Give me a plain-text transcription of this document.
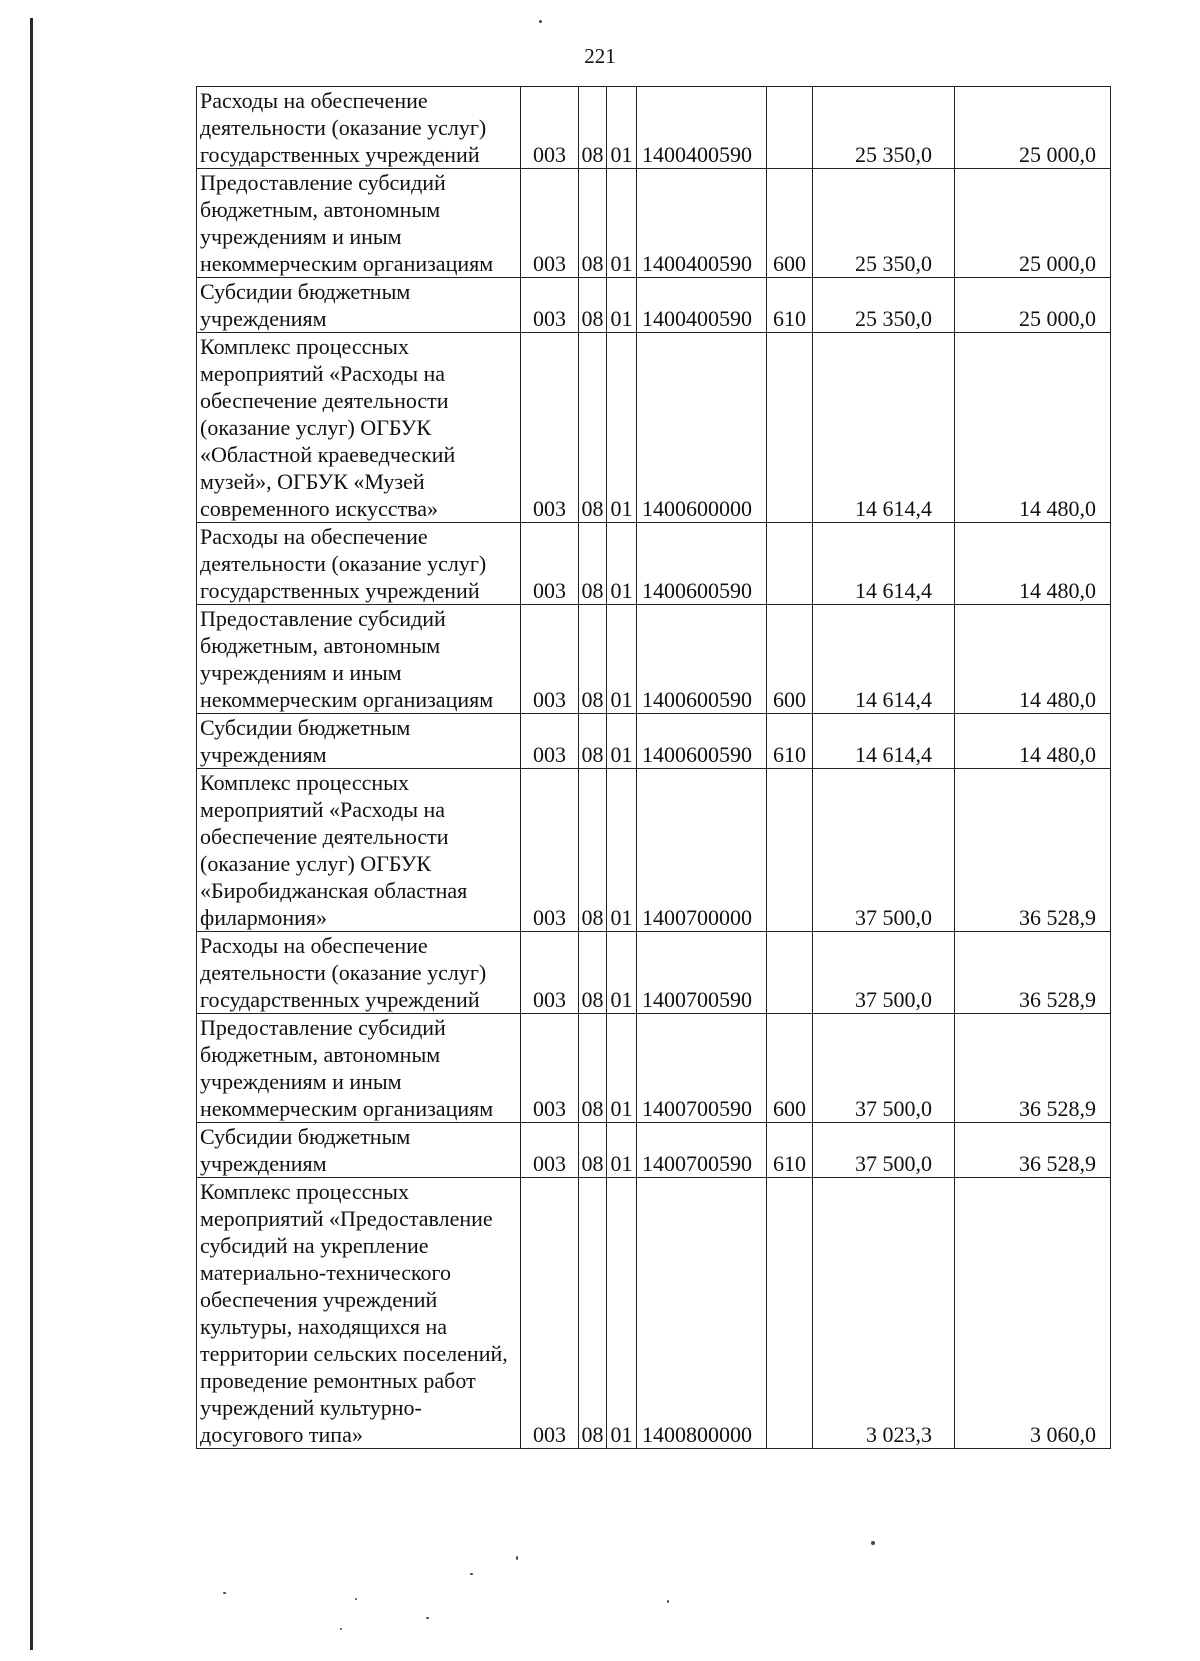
221
Расходы на обеспечение деятельности (оказание услуг) государственных учреждений	003	08	01	1400400590		25 350,0	25 000,0
Предоставление субсидий бюджетным, автономным учреждениям и иным некоммерческим организациям	003	08	01	1400400590	600	25 350,0	25 000,0
Субсидии бюджетным учреждениям	003	08	01	1400400590	610	25 350,0	25 000,0
Комплекс процессных мероприятий «Расходы на обеспечение деятельности (оказание услуг) ОГБУК «Областной краеведческий музей», ОГБУК «Музей современного искусства»	003	08	01	1400600000		14 614,4	14 480,0
Расходы на обеспечение деятельности (оказание услуг) государственных учреждений	003	08	01	1400600590		14 614,4	14 480,0
Предоставление субсидий бюджетным, автономным учреждениям и иным некоммерческим организациям	003	08	01	1400600590	600	14 614,4	14 480,0
Субсидии бюджетным учреждениям	003	08	01	1400600590	610	14 614,4	14 480,0
Комплекс процессных мероприятий «Расходы на обеспечение деятельности (оказание услуг) ОГБУК «Биробиджанская областная филармония»	003	08	01	1400700000		37 500,0	36 528,9
Расходы на обеспечение деятельности (оказание услуг) государственных учреждений	003	08	01	1400700590		37 500,0	36 528,9
Предоставление субсидий бюджетным, автономным учреждениям и иным некоммерческим организациям	003	08	01	1400700590	600	37 500,0	36 528,9
Субсидии бюджетным учреждениям	003	08	01	1400700590	610	37 500,0	36 528,9
Комплекс процессных мероприятий «Предоставление субсидий на укрепление материально-технического обеспечения учреждений культуры, находящихся на территории сельских поселений, проведение ремонтных работ учреждений культурно-досугового типа»	003	08	01	1400800000		3 023,3	3 060,0
